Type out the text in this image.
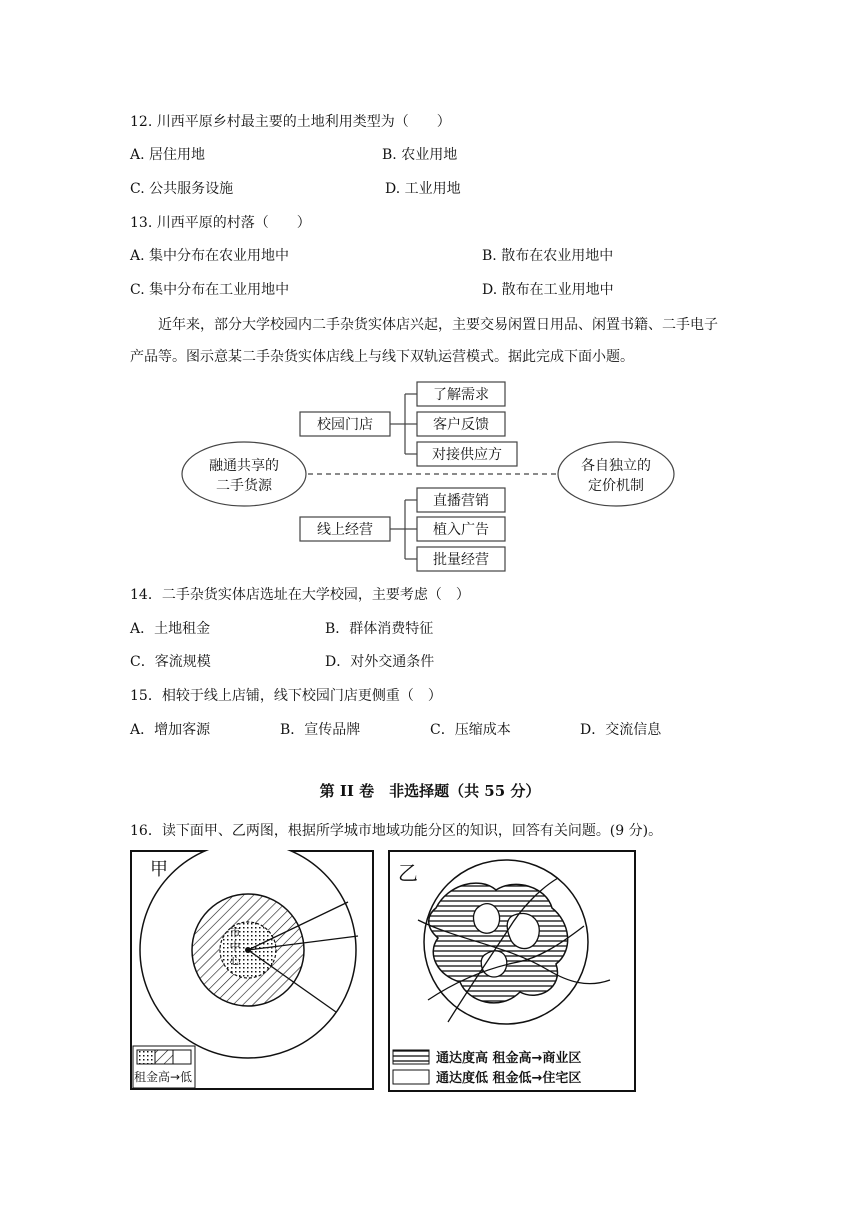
12. 川西平原乡村最主要的土地利用类型为（　　）
A. 居住用地	B. 农业用地
C. 公共服务设施	D. 工业用地
13. 川西平原的村落（　　）
A. 集中分布在农业用地中	B. 散布在农业用地中
C. 集中分布在工业用地中	D. 散布在工业用地中
近年来，部分大学校园内二手杂货实体店兴起，主要交易闲置日用品、闲置书籍、二手电子产品等。图示意某二手杂货实体店线上与线下双轨运营模式。据此完成下面小题。
融通共享的
二手货源
各自独立的
定价机制
校园门店
了解需求
客户反馈
对接供应方
线上经营
直播营销
植入广告
批量经营
14．二手杂货实体店选址在大学校园，主要考虑（　）
A．土地租金	B．群体消费特征
C．客流规模	D．对外交通条件
15．相较于线上店铺，线下校园门店更侧重（　）
A．增加客源	B．宣传品牌	C．压缩成本	D．交流信息
第 II 卷　非选择题（共 55 分）
16．读下面甲、乙两图，根据所学城市地域功能分区的知识，回答有关问题。(9 分)。
甲
市
中
心
租金高→低
乙
通达度高 租金高→商业区
通达度低 租金低→住宅区
